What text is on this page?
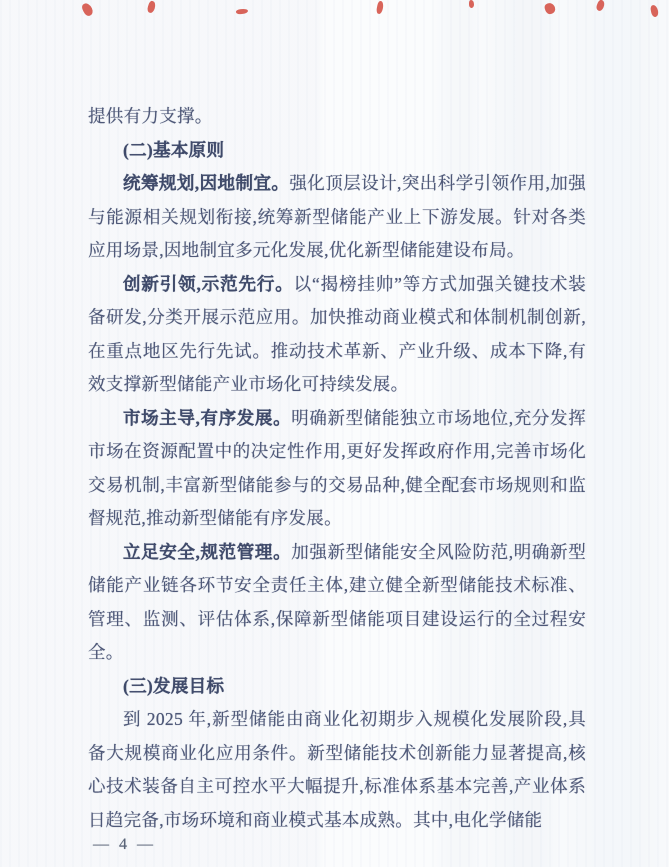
提供有力支撑。

(二)基本原则

统筹规划,因地制宜。强化顶层设计,突出科学引领作用,加强与能源相关规划衔接,统筹新型储能产业上下游发展。针对各类应用场景,因地制宜多元化发展,优化新型储能建设布局。

创新引领,示范先行。以“揭榜挂帅”等方式加强关键技术装备研发,分类开展示范应用。加快推动商业模式和体制机制创新,在重点地区先行先试。推动技术革新、产业升级、成本下降,有效支撑新型储能产业市场化可持续发展。

市场主导,有序发展。明确新型储能独立市场地位,充分发挥市场在资源配置中的决定性作用,更好发挥政府作用,完善市场化交易机制,丰富新型储能参与的交易品种,健全配套市场规则和监督规范,推动新型储能有序发展。

立足安全,规范管理。加强新型储能安全风险防范,明确新型储能产业链各环节安全责任主体,建立健全新型储能技术标准、管理、监测、评估体系,保障新型储能项目建设运行的全过程安全。

(三)发展目标

到 2025 年,新型储能由商业化初期步入规模化发展阶段,具备大规模商业化应用条件。新型储能技术创新能力显著提高,核心技术装备自主可控水平大幅提升,标准体系基本完善,产业体系日趋完备,市场环境和商业模式基本成熟。其中,电化学储能

— 4 —
